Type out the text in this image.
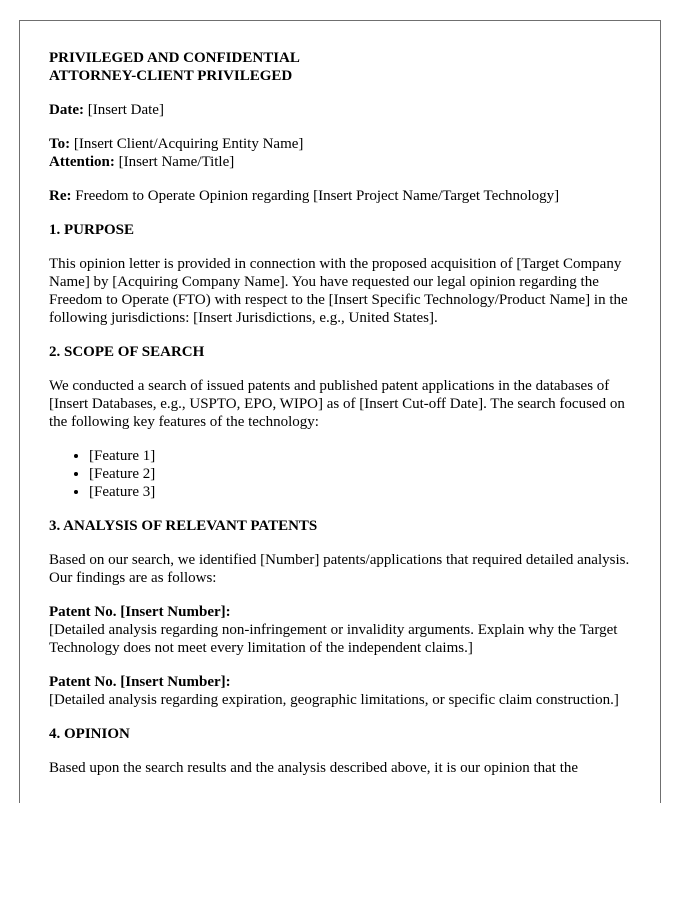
PRIVILEGED AND CONFIDENTIAL
ATTORNEY-CLIENT PRIVILEGED

Date: [Insert Date]

To: [Insert Client/Acquiring Entity Name]
Attention: [Insert Name/Title]

Re: Freedom to Operate Opinion regarding [Insert Project Name/Target Technology]

1. PURPOSE

This opinion letter is provided in connection with the proposed acquisition of [Target Company Name] by [Acquiring Company Name]. You have requested our legal opinion regarding the Freedom to Operate (FTO) with respect to the [Insert Specific Technology/Product Name] in the following jurisdictions: [Insert Jurisdictions, e.g., United States].

2. SCOPE OF SEARCH

We conducted a search of issued patents and published patent applications in the databases of [Insert Databases, e.g., USPTO, EPO, WIPO] as of [Insert Cut-off Date]. The search focused on the following key features of the technology:

• [Feature 1]
• [Feature 2]
• [Feature 3]
3. ANALYSIS OF RELEVANT PATENTS

Based on our search, we identified [Number] patents/applications that required detailed analysis. Our findings are as follows:

Patent No. [Insert Number]:
[Detailed analysis regarding non-infringement or invalidity arguments. Explain why the Target Technology does not meet every limitation of the independent claims.]

Patent No. [Insert Number]:
[Detailed analysis regarding expiration, geographic limitations, or specific claim construction.]

4. OPINION

Based upon the search results and the analysis described above, it is our opinion that the
